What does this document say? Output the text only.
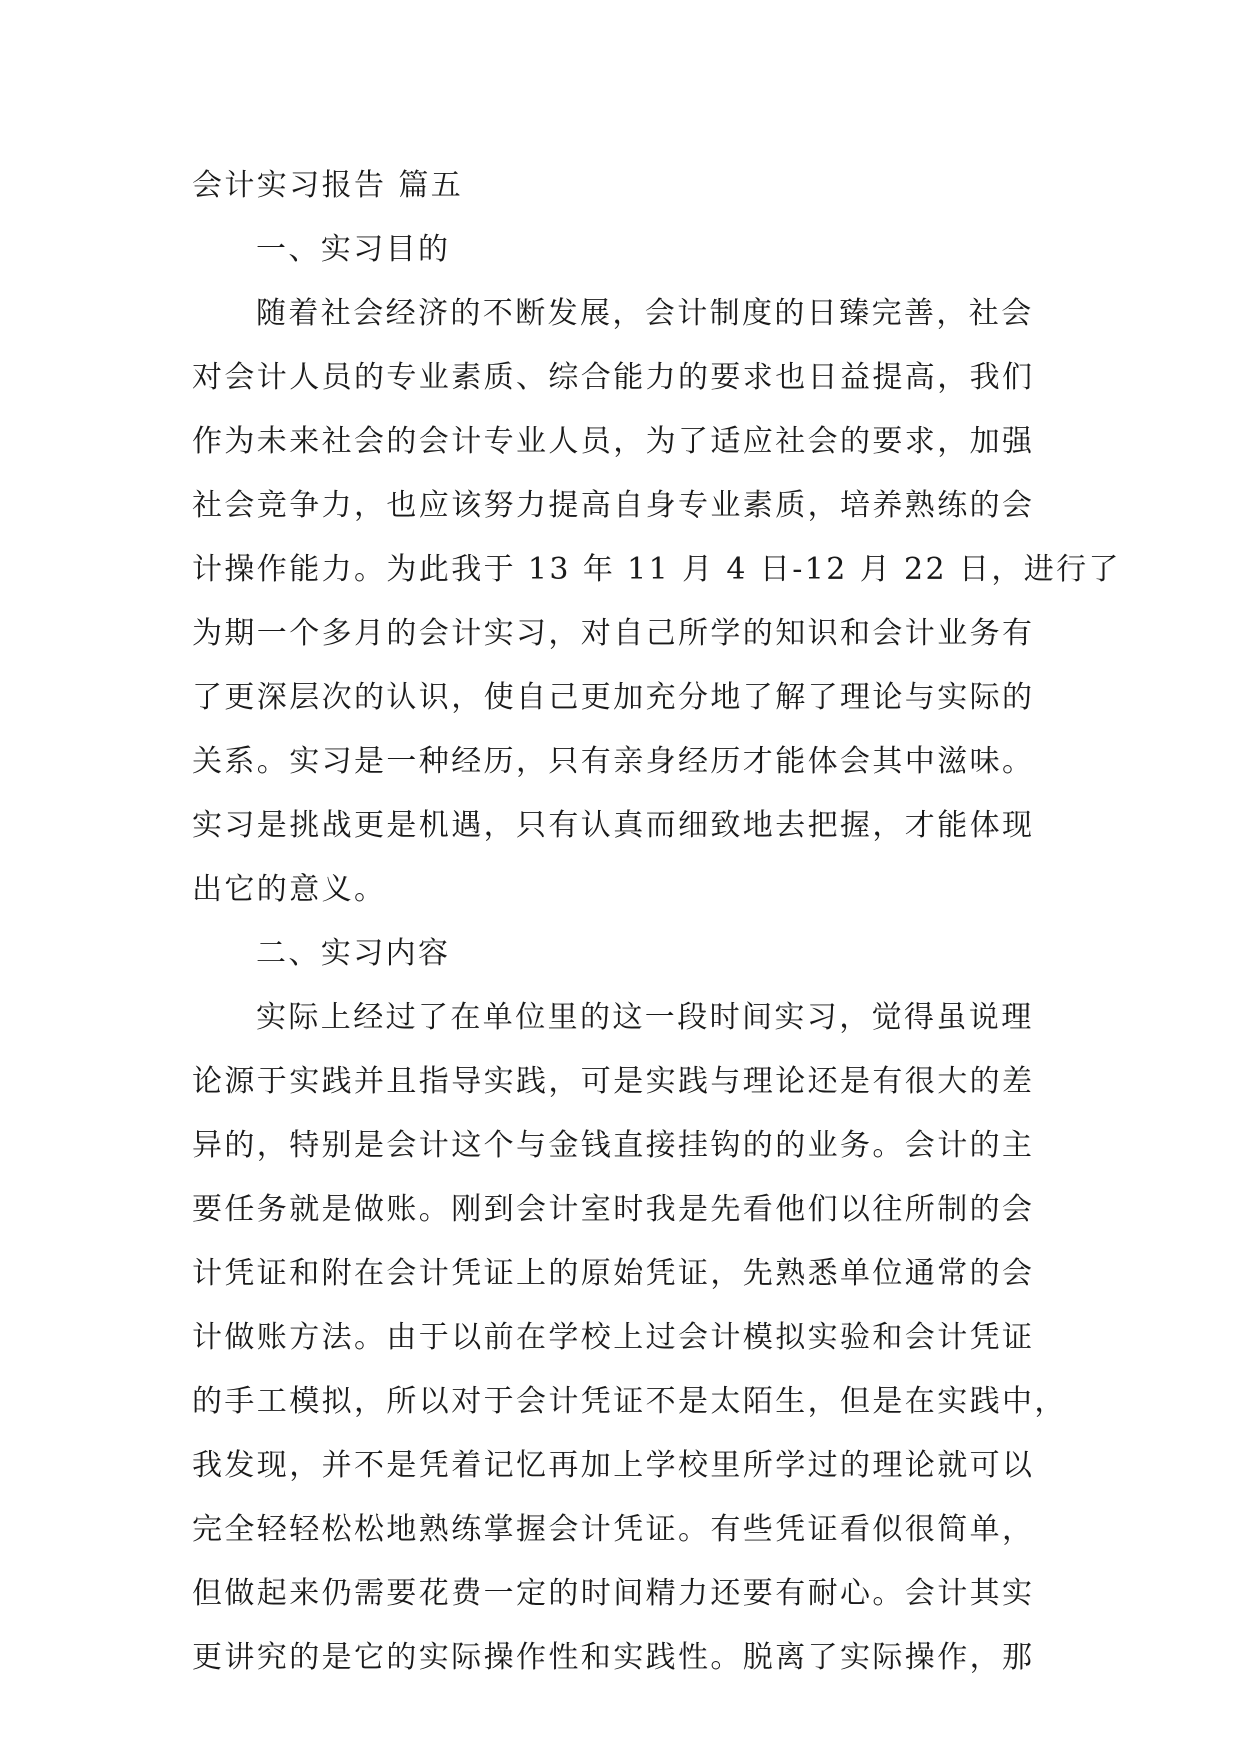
会计实习报告 篇五
一、实习目的
随着社会经济的不断发展，会计制度的日臻完善，社会
对会计人员的专业素质、综合能力的要求也日益提高，我们
作为未来社会的会计专业人员，为了适应社会的要求，加强
社会竞争力，也应该努力提高自身专业素质，培养熟练的会
计操作能力。为此我于 13 年 11 月 4 日-12 月 22 日，进行了
为期一个多月的会计实习，对自己所学的知识和会计业务有
了更深层次的认识，使自己更加充分地了解了理论与实际的
关系。实习是一种经历，只有亲身经历才能体会其中滋味。
实习是挑战更是机遇，只有认真而细致地去把握，才能体现
出它的意义。
二、实习内容
实际上经过了在单位里的这一段时间实习，觉得虽说理
论源于实践并且指导实践，可是实践与理论还是有很大的差
异的，特别是会计这个与金钱直接挂钩的的业务。会计的主
要任务就是做账。刚到会计室时我是先看他们以往所制的会
计凭证和附在会计凭证上的原始凭证，先熟悉单位通常的会
计做账方法。由于以前在学校上过会计模拟实验和会计凭证
的手工模拟，所以对于会计凭证不是太陌生，但是在实践中，
我发现，并不是凭着记忆再加上学校里所学过的理论就可以
完全轻轻松松地熟练掌握会计凭证。有些凭证看似很简单，
但做起来仍需要花费一定的时间精力还要有耐心。会计其实
更讲究的是它的实际操作性和实践性。脱离了实际操作，那
